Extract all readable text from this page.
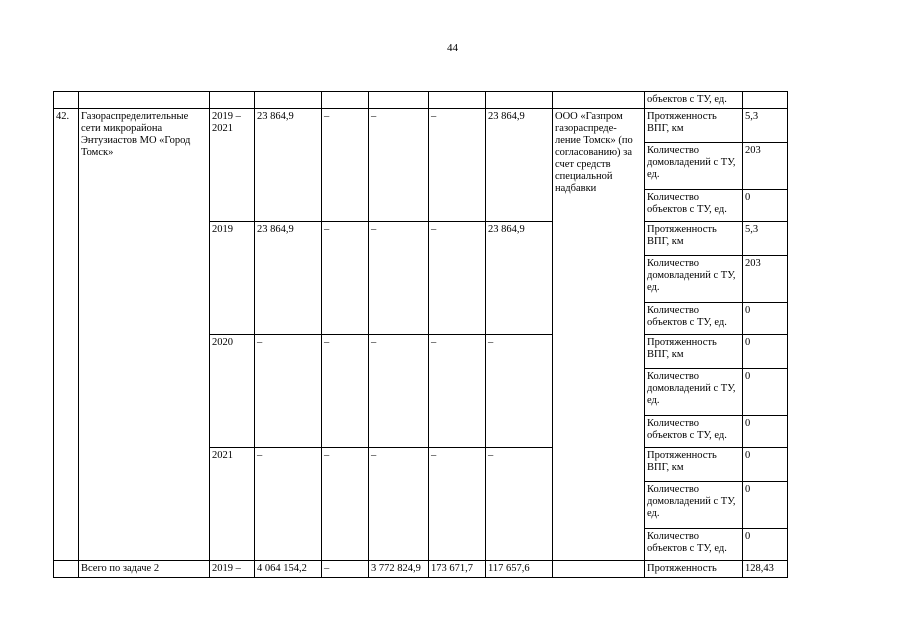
44
									объектов с ТУ, ед.	
42.	Газораспределительные сети микрорайона Энтузиастов МО «Город Томск»	2019 – 2021	23 864,9	–	–	–	23 864,9	ООО «Газпром газораспреде-ление Томск» (по согласованию) за счет средств специальной надбавки	Протяженность ВПГ, км	5,3
									Количество домовладений с ТУ, ед.	203
									Количество объектов с ТУ, ед.	0
		2019	23 864,9	–	–	–	23 864,9		Протяженность ВПГ, км	5,3
									Количество домовладений с ТУ, ед.	203
									Количество объектов с ТУ, ед.	0
		2020	–	–	–	–	–		Протяженность ВПГ, км	0
									Количество домовладений с ТУ, ед.	0
									Количество объектов с ТУ, ед.	0
		2021	–	–	–	–	–		Протяженность ВПГ, км	0
									Количество домовладений с ТУ, ед.	0
									Количество объектов с ТУ, ед.	0
	Всего по задаче 2	2019 –	4 064 154,2	–	3 772 824,9	173 671,7	117 657,6		Протяженность	128,43
